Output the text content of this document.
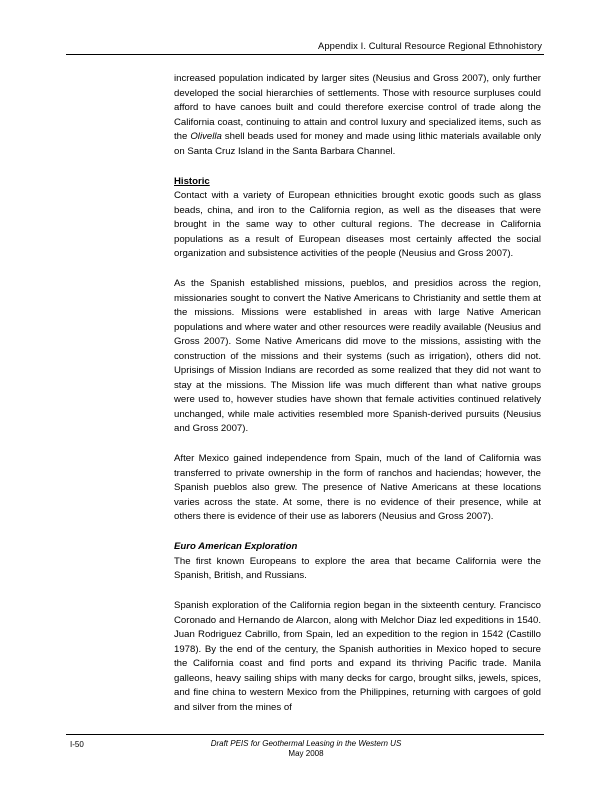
Appendix I. Cultural Resource Regional Ethnohistory

increased population indicated by larger sites (Neusius and Gross 2007), only further developed the social hierarchies of settlements. Those with resource surpluses could afford to have canoes built and could therefore exercise control of trade along the California coast, continuing to attain and control luxury and specialized items, such as the Olivella shell beads used for money and made using lithic materials available only on Santa Cruz Island in the Santa Barbara Channel.

Historic

Contact with a variety of European ethnicities brought exotic goods such as glass beads, china, and iron to the California region, as well as the diseases that were brought in the same way to other cultural regions. The decrease in California populations as a result of European diseases most certainly affected the social organization and subsistence activities of the people (Neusius and Gross 2007).

As the Spanish established missions, pueblos, and presidios across the region, missionaries sought to convert the Native Americans to Christianity and settle them at the missions. Missions were established in areas with large Native American populations and where water and other resources were readily available (Neusius and Gross 2007). Some Native Americans did move to the missions, assisting with the construction of the missions and their systems (such as irrigation), others did not. Uprisings of Mission Indians are recorded as some realized that they did not want to stay at the missions. The Mission life was much different than what native groups were used to, however studies have shown that female activities continued relatively unchanged, while male activities resembled more Spanish-derived pursuits (Neusius and Gross 2007).

After Mexico gained independence from Spain, much of the land of California was transferred to private ownership in the form of ranchos and haciendas; however, the Spanish pueblos also grew. The presence of Native Americans at these locations varies across the state. At some, there is no evidence of their presence, while at others there is evidence of their use as laborers (Neusius and Gross 2007).

Euro American Exploration

The first known Europeans to explore the area that became California were the Spanish, British, and Russians.

Spanish exploration of the California region began in the sixteenth century. Francisco Coronado and Hernando de Alarcon, along with Melchor Diaz led expeditions in 1540. Juan Rodriguez Cabrillo, from Spain, led an expedition to the region in 1542 (Castillo 1978). By the end of the century, the Spanish authorities in Mexico hoped to secure the California coast and find ports and expand its thriving Pacific trade. Manila galleons, heavy sailing ships with many decks for cargo, brought silks, jewels, spices, and fine china to western Mexico from the Philippines, returning with cargoes of gold and silver from the mines of

I-50	Draft PEIS for Geothermal Leasing in the Western US
May 2008
